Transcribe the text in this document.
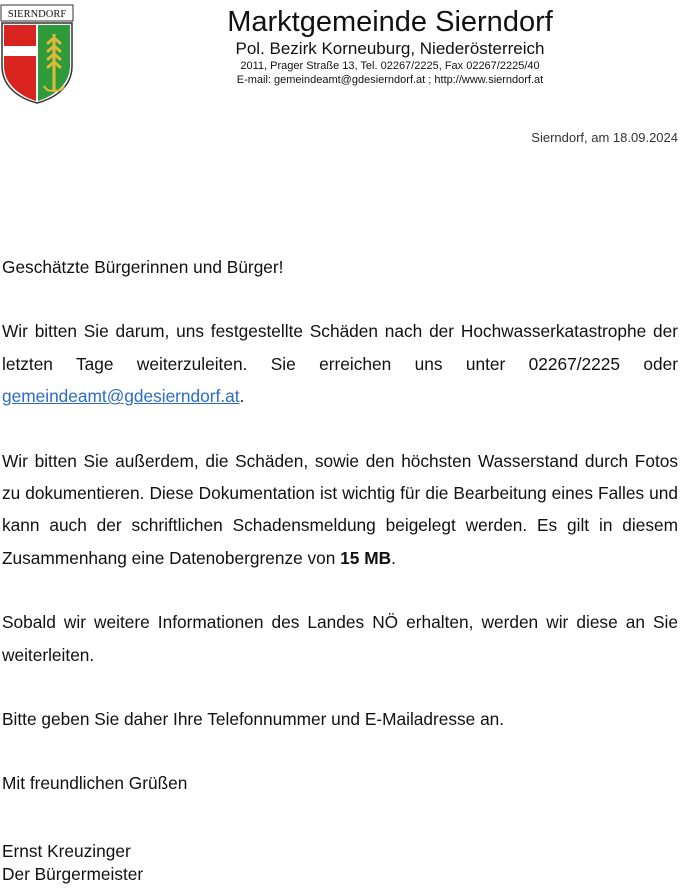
SIERNDORF	Marktgemeinde Sierndorf
Pol. Bezirk Korneuburg, Niederösterreich
2011, Prager Straße 13, Tel. 02267/2225, Fax 02267/2225/40
E-mail: gemeindeamt@gdesierndorf.at ; http://www.sierndorf.at
Sierndorf, am 18.09.2024

Geschätzte Bürgerinnen und Bürger!

Wir bitten Sie darum, uns festgestellte Schäden nach der Hochwasserkatastrophe der letzten Tage weiterzuleiten. Sie erreichen uns unter 02267/2225 oder gemeindeamt@gdesierndorf.at.

Wir bitten Sie außerdem, die Schäden, sowie den höchsten Wasserstand durch Fotos zu dokumentieren. Diese Dokumentation ist wichtig für die Bearbeitung eines Falles und kann auch der schriftlichen Schadensmeldung beigelegt werden. Es gilt in diesem Zusammenhang eine Datenobergrenze von 15 MB.

Sobald wir weitere Informationen des Landes NÖ erhalten, werden wir diese an Sie weiterleiten.

Bitte geben Sie daher Ihre Telefonnummer und E-Mailadresse an.

Mit freundlichen Grüßen

Ernst Kreuzinger
Der Bürgermeister
